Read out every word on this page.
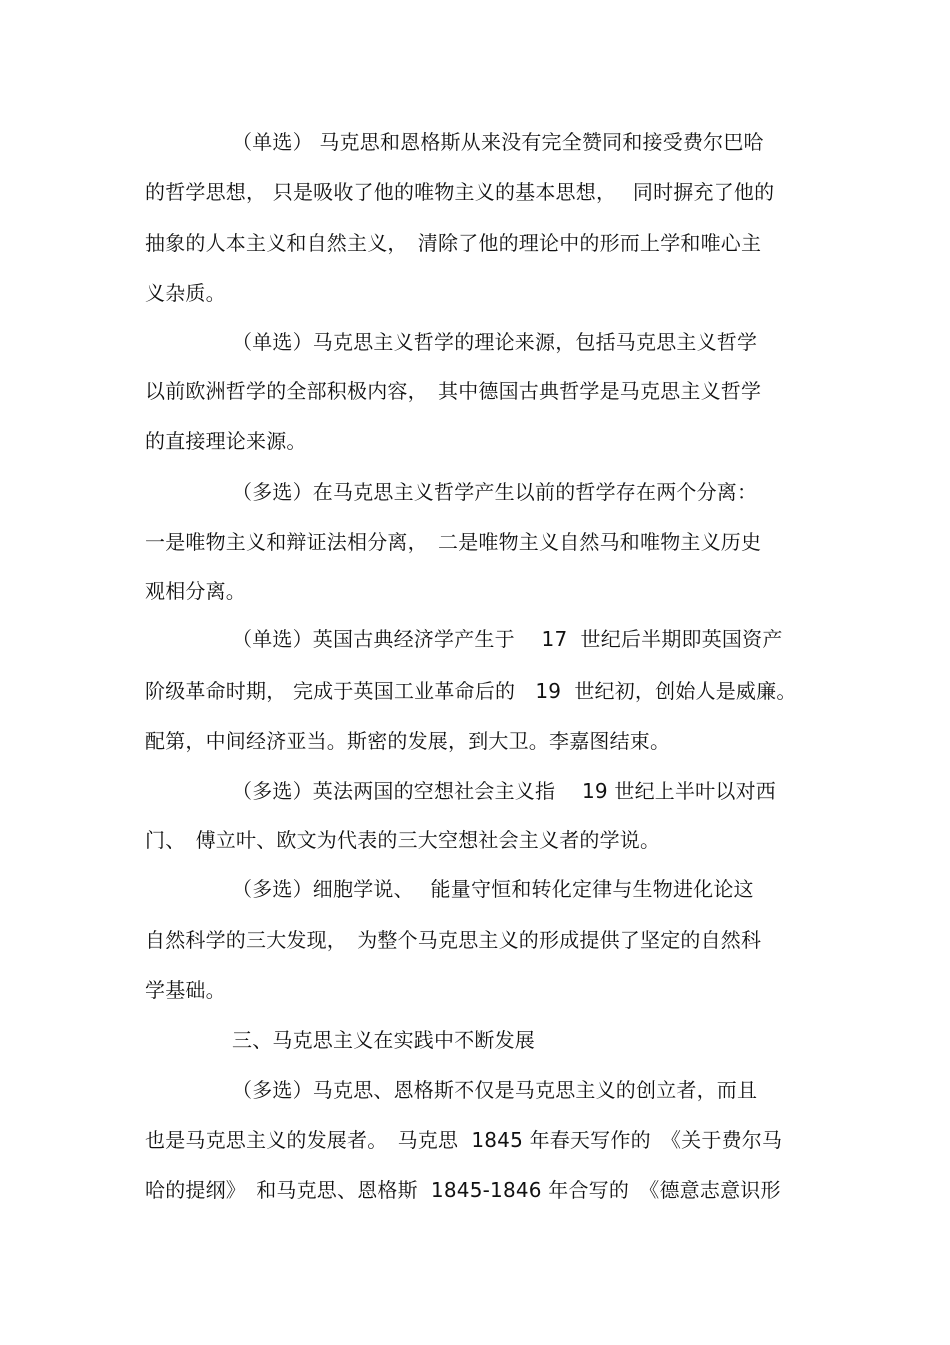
（单选） 马克思和恩格斯从来没有完全赞同和接受费尔巴哈
的哲学思想， 只是吸收了他的唯物主义的基本思想，　 同时摒充了他的
抽象的人本主义和自然主义，　清除了他的理论中的形而上学和唯心主
义杂质。
（单选）马克思主义哲学的理论来源，包括马克思主义哲学
以前欧洲哲学的全部积极内容，　其中德国古典哲学是马克思主义哲学
的直接理论来源。
（多选）在马克思主义哲学产生以前的哲学存在两个分离：
一是唯物主义和辩证法相分离，　二是唯物主义自然马和唯物主义历史
观相分离。
（单选）英国古典经济学产生于　 17  世纪后半期即英国资产
阶级革命时期， 完成于英国工业革命后的　19  世纪初，创始人是威廉。
配第，中间经济亚当。斯密的发展，到大卫。李嘉图结束。
（多选）英法两国的空想社会主义指　 19 世纪上半叶以对西
门、　傅立叶、欧文为代表的三大空想社会主义者的学说。
（多选）细胞学说、　 能量守恒和转化定律与生物进化论这
自然科学的三大发现，　为整个马克思主义的形成提供了坚定的自然科
学基础。
三、马克思主义在实践中不断发展
（多选）马克思、恩格斯不仅是马克思主义的创立者，而且
也是马克思主义的发展者。　马克思  1845 年春天写作的　《关于费尔马
哈的提纲》　和马克思、恩格斯  1845-1846 年合写的　《德意志意识形
